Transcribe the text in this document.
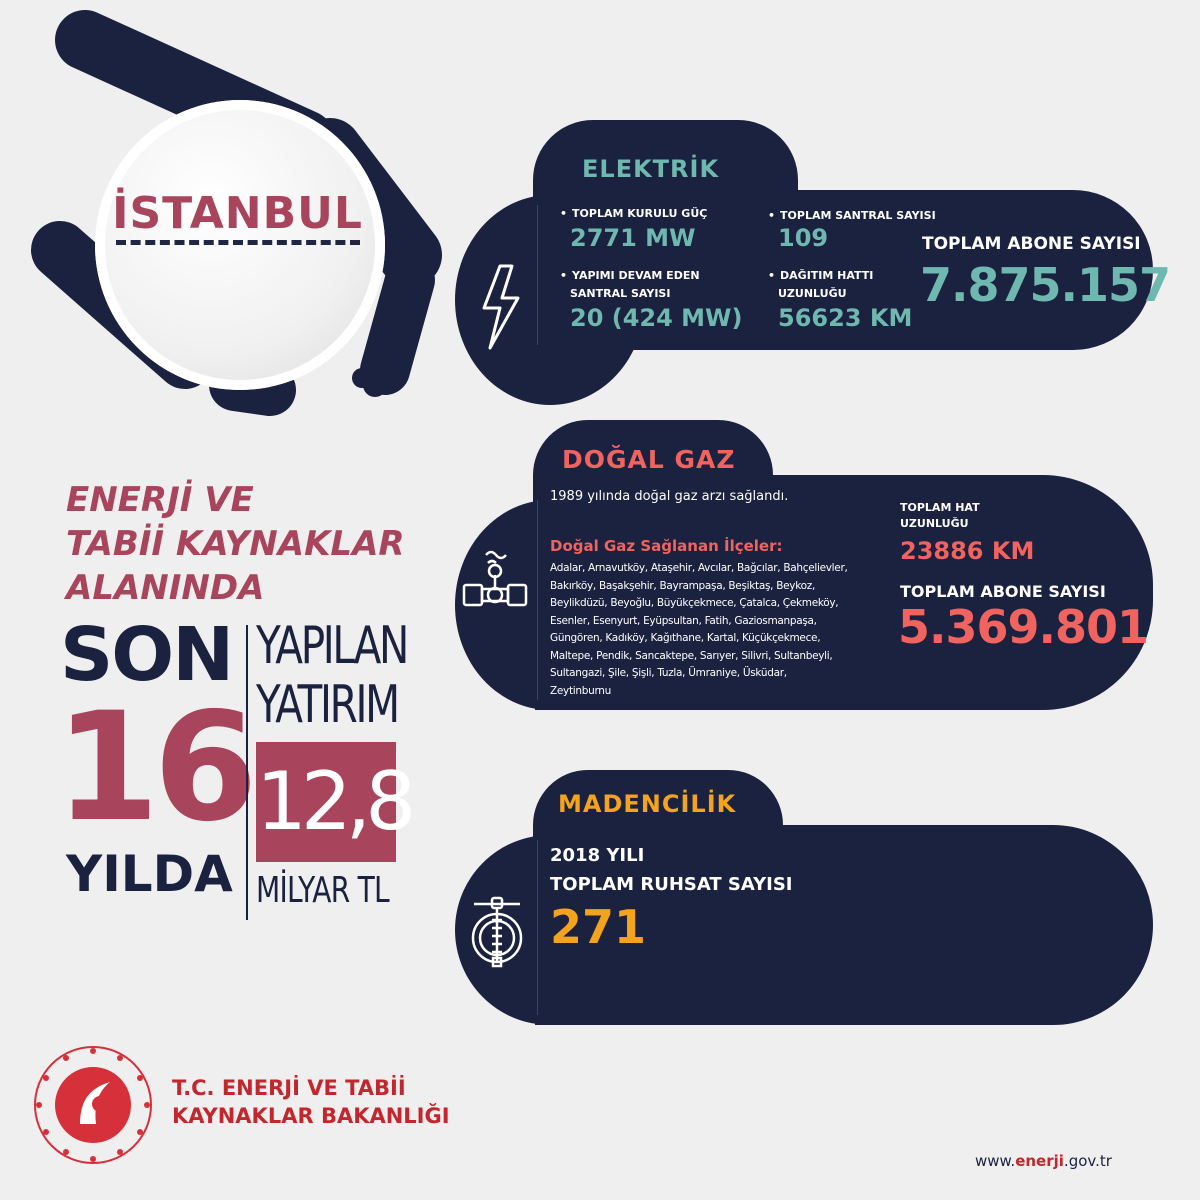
İSTANBUL
ELEKTRİK
• TOPLAM KURULU GÜÇ
2771 MW
• YAPIMI DEVAM EDEN
SANTRAL SAYISI
20 (424 MW)
• TOPLAM SANTRAL SAYISI
109
• DAĞITIM HATTI
UZUNLUĞU
56623 KM
TOPLAM ABONE SAYISI
7.875.157
DOĞAL GAZ
1989 yılında doğal gaz arzı sağlandı.
Doğal Gaz Sağlanan İlçeler:
Adalar, Arnavutköy, Ataşehir, Avcılar, Bağcılar, Bahçelievler,
Bakırköy, Başakşehir, Bayrampaşa, Beşiktaş, Beykoz,
Beylikdüzü, Beyoğlu, Büyükçekmece, Çatalca, Çekmeköy,
Esenler, Esenyurt, Eyüpsultan, Fatih, Gaziosmanpaşa,
Güngören, Kadıköy, Kağıthane, Kartal, Küçükçekmece,
Maltepe, Pendik, Sancaktepe, Sarıyer, Silivri, Sultanbeyli,
Sultangazi, Şile, Şişli, Tuzla, Ümraniye, Üsküdar,
Zeytinburnu
TOPLAM HAT
UZUNLUĞU
23886 KM
TOPLAM ABONE SAYISI
5.369.801
MADENCİLİK
2018 YILI
TOPLAM RUHSAT SAYISI
271
ENERJİ VE
TABİİ KAYNAKLAR
ALANINDA
SON
16
YILDA
YAPILAN
YATIRIM
12,8
MİLYAR TL
T.C. ENERJİ VE TABİİ
KAYNAKLAR BAKANLIĞI
www.enerji.gov.tr
